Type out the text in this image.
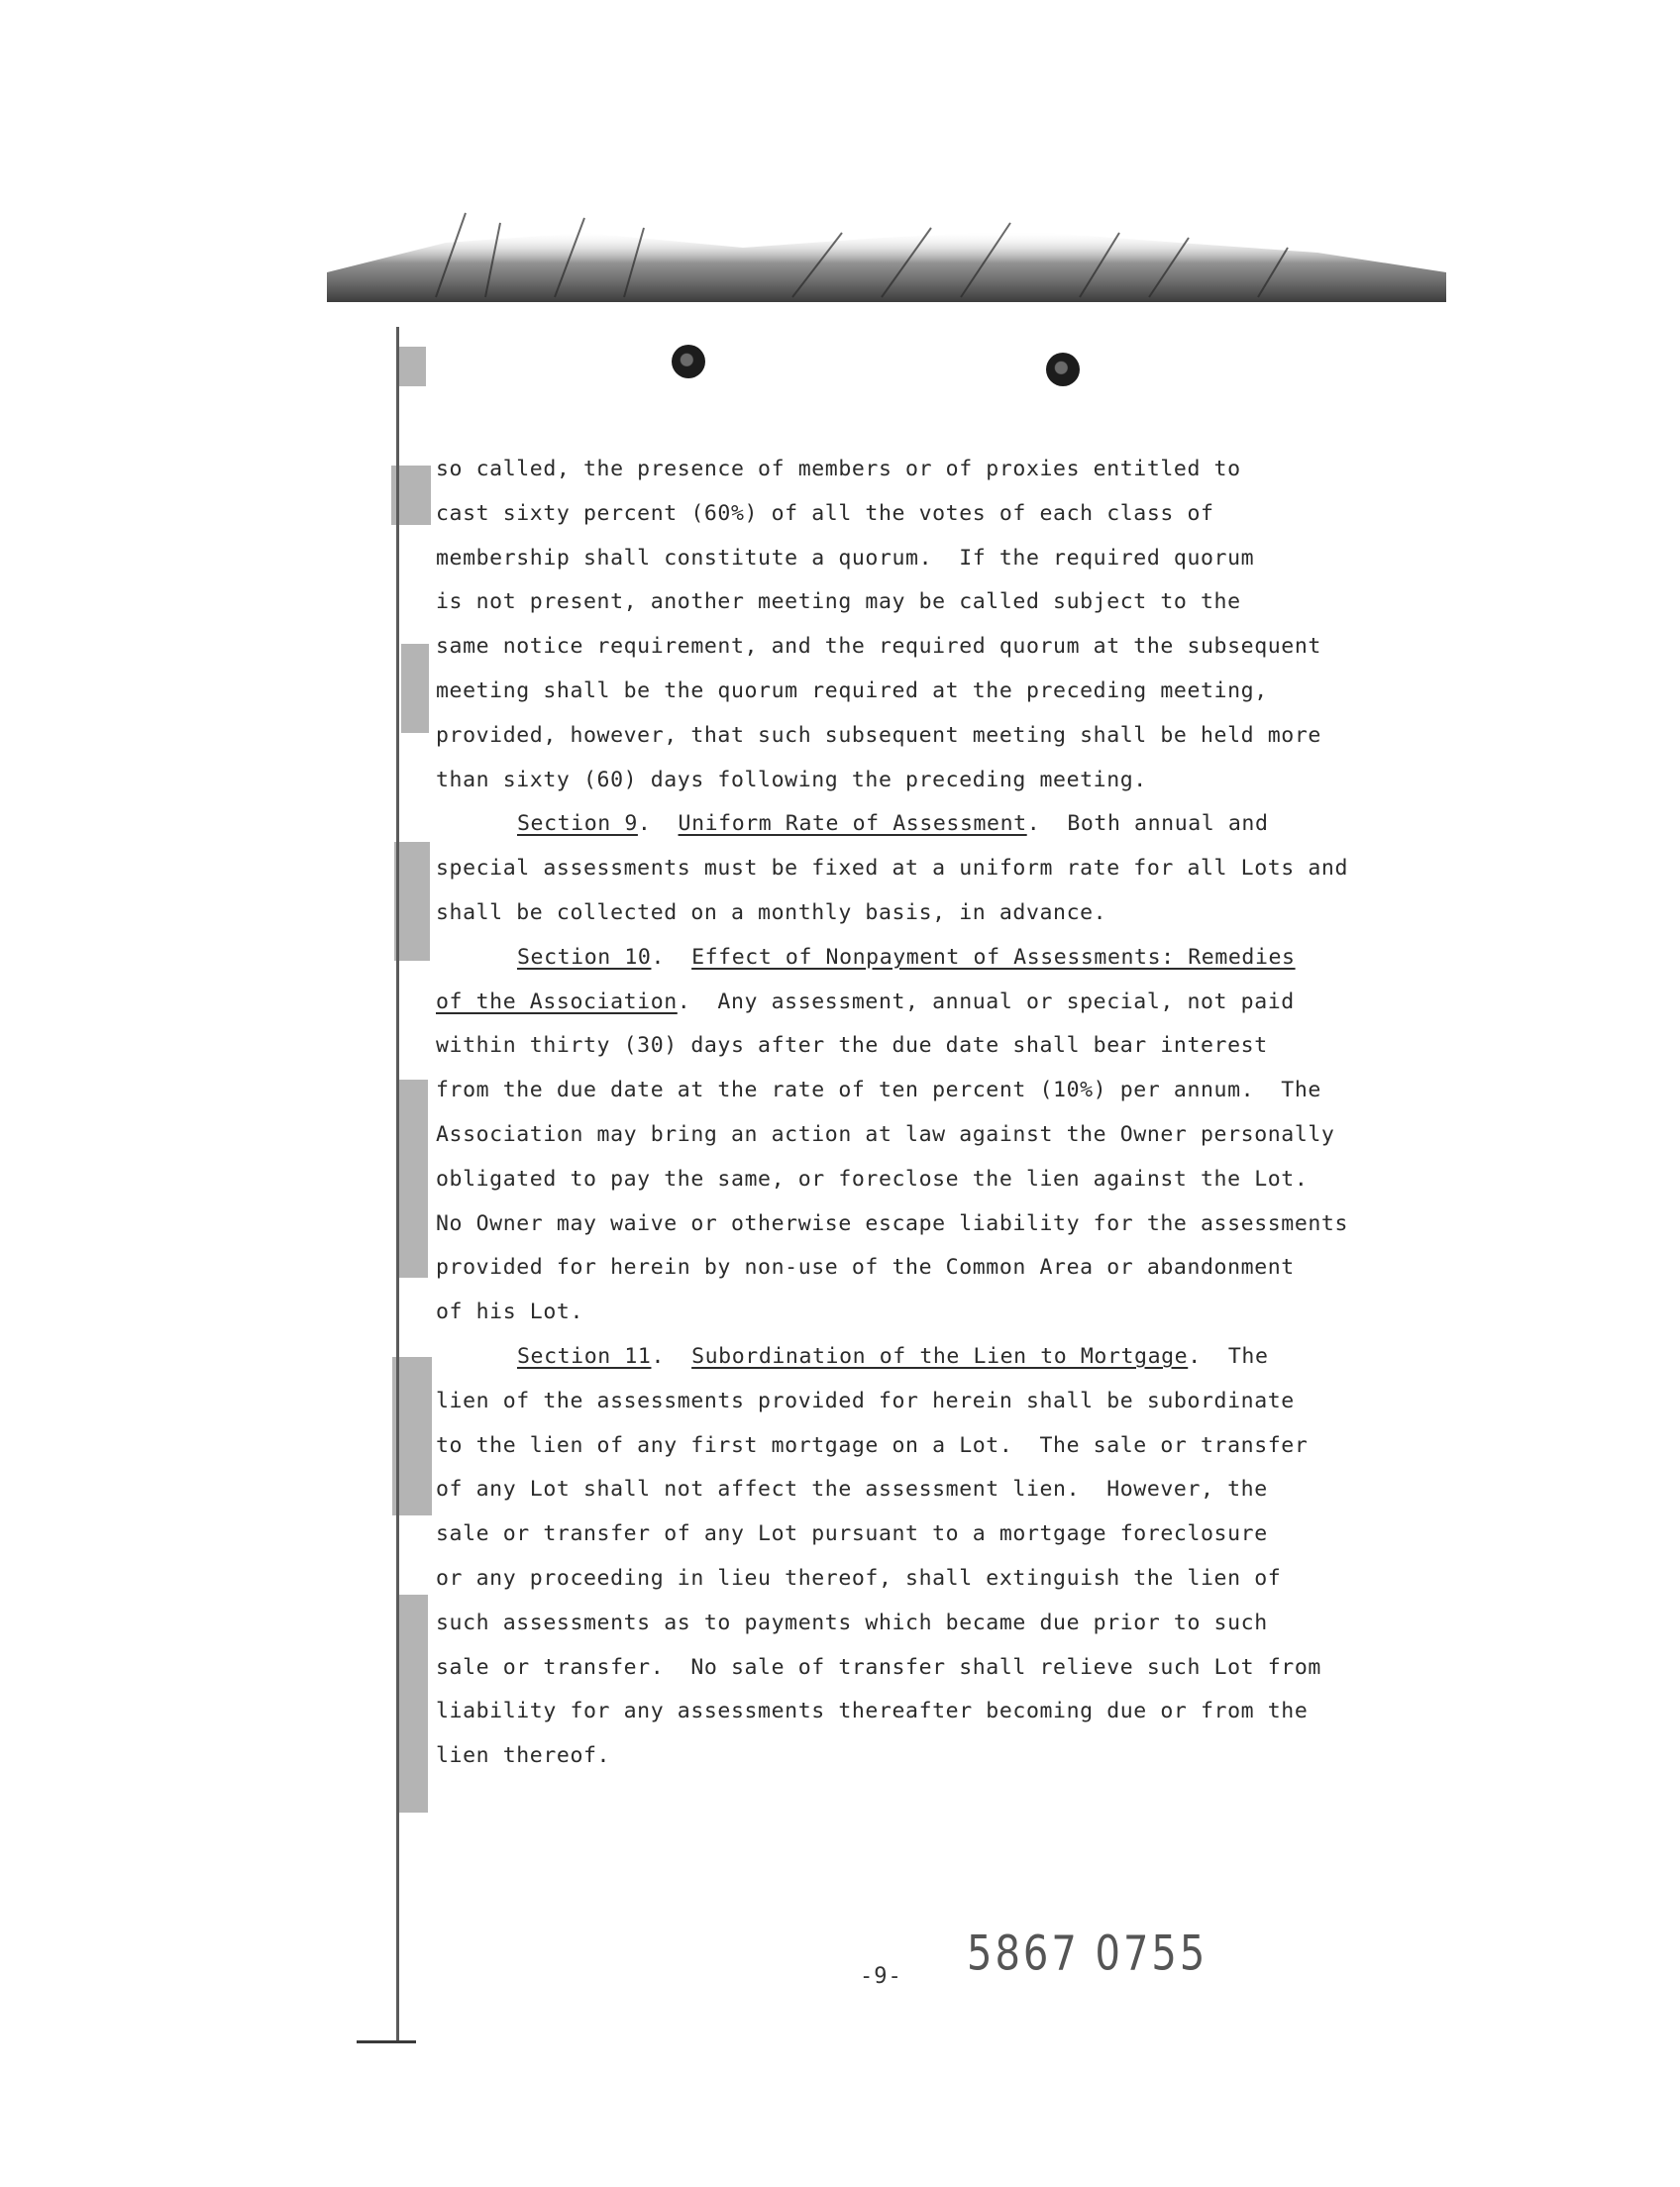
so called, the presence of members or of proxies entitled to
cast sixty percent (60%) of all the votes of each class of
membership shall constitute a quorum.  If the required quorum
is not present, another meeting may be called subject to the
same notice requirement, and the required quorum at the subsequent
meeting shall be the quorum required at the preceding meeting,
provided, however, that such subsequent meeting shall be held more
than sixty (60) days following the preceding meeting.
Section 9.  Uniform Rate of Assessment.  Both annual and
special assessments must be fixed at a uniform rate for all Lots and
shall be collected on a monthly basis, in advance.
Section 10.  Effect of Nonpayment of Assessments: Remedies
of the Association.  Any assessment, annual or special, not paid
within thirty (30) days after the due date shall bear interest
from the due date at the rate of ten percent (10%) per annum.  The
Association may bring an action at law against the Owner personally
obligated to pay the same, or foreclose the lien against the Lot.
No Owner may waive or otherwise escape liability for the assessments
provided for herein by non-use of the Common Area or abandonment
of his Lot.
Section 11.  Subordination of the Lien to Mortgage.  The
lien of the assessments provided for herein shall be subordinate
to the lien of any first mortgage on a Lot.  The sale or transfer
of any Lot shall not affect the assessment lien.  However, the
sale or transfer of any Lot pursuant to a mortgage foreclosure
or any proceeding in lieu thereof, shall extinguish the lien of
such assessments as to payments which became due prior to such
sale or transfer.  No sale of transfer shall relieve such Lot from
liability for any assessments thereafter becoming due or from the
lien thereof.
-9- 5867 0755
